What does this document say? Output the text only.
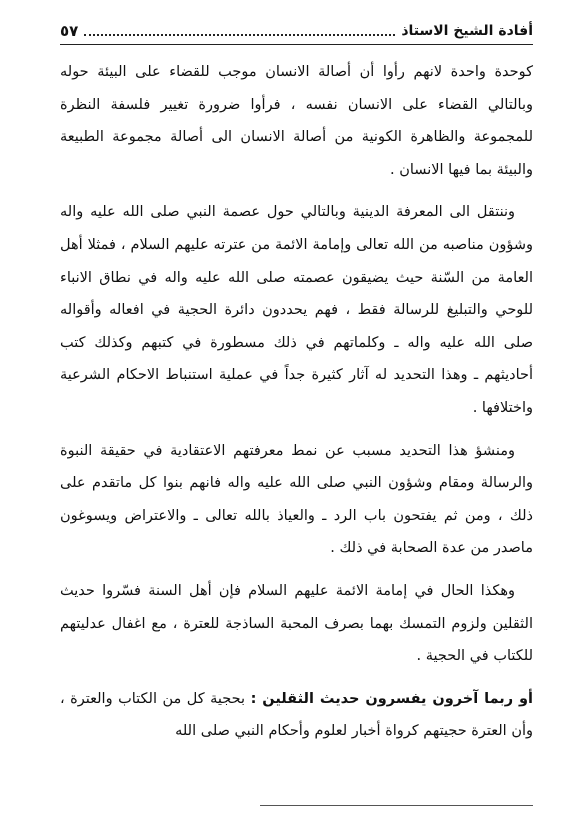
أفادة الشيخ الاستاذ
٥٧
كوحدة واحدة لانهم رأوا أن أصالة الانسان موجب للقضاء على البيئة حوله وبالتالي القضاء على الانسان نفسه ، فرأوا ضرورة تغيير فلسفة النظرة للمجموعة والظاهرة الكونية من أصالة الانسان الى أصالة مجموعة الطبيعة والبيئة بما فيها الانسان .
وننتقل الى المعرفة الدينية وبالتالي حول عصمة النبي صلى الله عليه واله وشؤون مناصبه من الله تعالى وإمامة الائمة من عترته عليهم السلام ، فمثلا أهل العامة من السّنة حيث يضيقون عصمته صلى الله عليه واله في نطاق الانباء للوحي والتبليغ للرسالة فقط ، فهم يحددون دائرة الحجية في افعاله وأقواله صلى الله عليه واله ـ وكلماتهم في ذلك مسطورة في كتبهم وكذلك كتب أحاديثهم ـ وهذا التحديد له آثار كثيرة جداً في عملية استنباط الاحكام الشرعية واختلافها .
ومنشؤ هذا التحديد مسبب عن نمط معرفتهم الاعتقادية في حقيقة النبوة والرسالة ومقام وشؤون النبي صلى الله عليه واله فانهم بنوا كل ماتقدم على ذلك ، ومن ثم يفتحون باب الرد ـ والعياذ بالله تعالى ـ والاعتراض ويسوغون ماصدر من عدة الصحابة في ذلك .
وهكذا الحال في إمامة الائمة عليهم السلام فإن أهل السنة فسّروا حديث الثقلين ولزوم التمسك بهما بصرف المحبة الساذجة للعترة ، مع اغفال عدليتهم للكتاب في الحجية .
أو ربما آخرون يفسرون حديث الثقلين : بحجية كل من الكتاب والعترة ، وأن العترة حجيتهم كرواة أخبار لعلوم وأحكام النبي صلى الله
